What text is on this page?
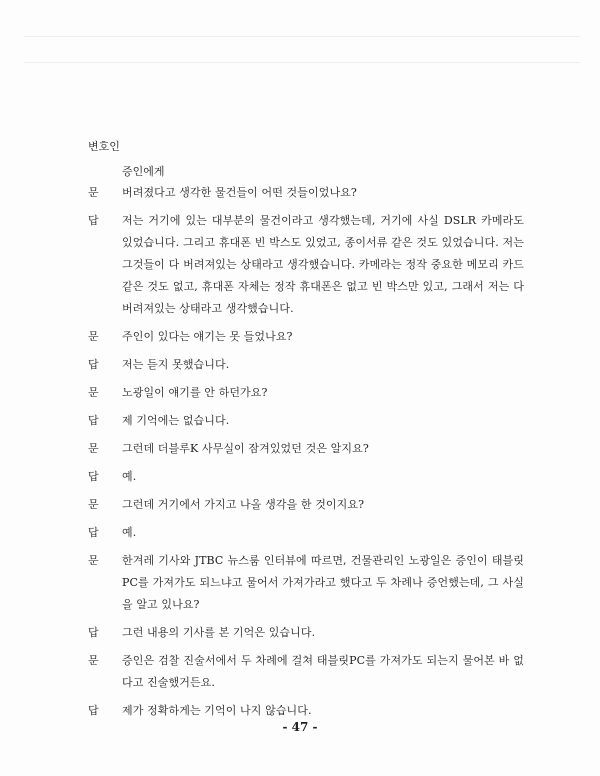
변호인
증인에게
문	버려졌다고 생각한 물건들이 어떤 것들이었나요?
답	저는 거기에 있는 대부분의 물건이라고 생각했는데, 거기에 사실 DSLR 카메라도 있었습니다. 그리고 휴대폰 빈 박스도 있었고, 종이서류 같은 것도 있었습니다. 저는 그것들이 다 버려져있는 상태라고 생각했습니다. 카메라는 정작 중요한 메모리 카드 같은 것도 없고, 휴대폰 자체는 정작 휴대폰은 없고 빈 박스만 있고, 그래서 저는 다 버려져있는 상태라고 생각했습니다.
문	주인이 있다는 얘기는 못 들었나요?
답	저는 듣지 못했습니다.
문	노광일이 얘기를 안 하던가요?
답	제 기억에는 없습니다.
문	그런데 더블루K 사무실이 잠겨있었던 것은 알지요?
답	예.
문	그런데 거기에서 가지고 나올 생각을 한 것이지요?
답	예.
문	한겨레 기사와 JTBC 뉴스룸 인터뷰에 따르면, 건물관리인 노광일은 증인이 태블릿PC를 가져가도 되느냐고 물어서 가져가라고 했다고 두 차례나 증언했는데, 그 사실을 알고 있나요?
답	그런 내용의 기사를 본 기억은 있습니다.
문	증인은 검찰 진술서에서 두 차례에 걸쳐 태블릿PC를 가져가도 되는지 물어본 바 없다고 진술했거든요.
답	제가 정확하게는 기억이 나지 않습니다.
- 47 -
